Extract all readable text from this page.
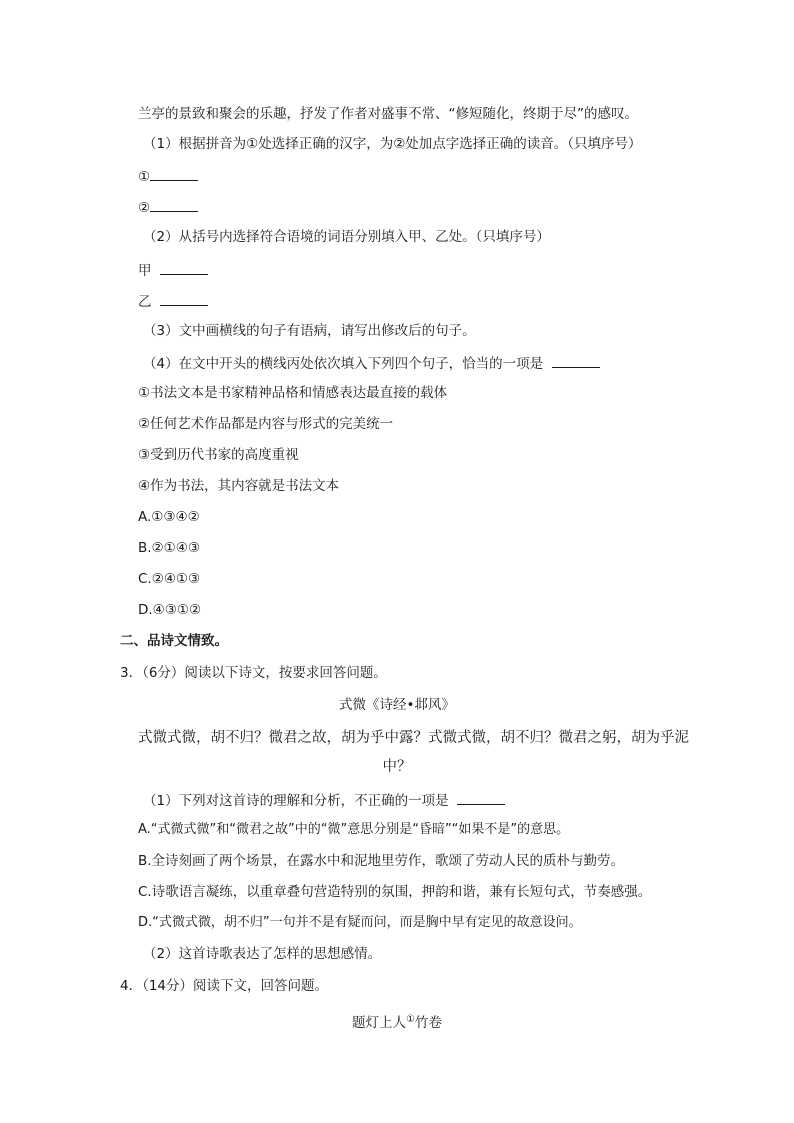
兰亭的景致和聚会的乐趣，抒发了作者对盛事不常、“修短随化，终期于尽”的感叹。
（1）根据拼音为①处选择正确的汉字，为②处加点字选择正确的读音。（只填序号）
①
②
（2）从括号内选择符合语境的词语分别填入甲、乙处。（只填序号）
甲
乙
（3）文中画横线的句子有语病，请写出修改后的句子。
（4）在文中开头的横线丙处依次填入下列四个句子，恰当的一项是
①书法文本是书家精神品格和情感表达最直接的载体
②任何艺术作品都是内容与形式的完美统一
③受到历代书家的高度重视
④作为书法，其内容就是书法文本
A.①③④②
B.②①④③
C.②④①③
D.④③①②
二、品诗文情致。
3．（6分）阅读以下诗文，按要求回答问题。
式微《诗经•邶风》
式微式微，胡不归？微君之故，胡为乎中露？式微式微，胡不归？微君之躬，胡为乎泥
中？
（1）下列对这首诗的理解和分析，不正确的一项是
A.“式微式微”和“微君之故”中的“微”意思分别是“昏暗”“如果不是”的意思。
B.全诗刻画了两个场景，在露水中和泥地里劳作，歌颂了劳动人民的质朴与勤劳。
C.诗歌语言凝练，以重章叠句营造特别的氛围，押韵和谐，兼有长短句式，节奏感强。
D.“式微式微，胡不归”一句并不是有疑而问，而是胸中早有定见的故意设问。
（2）这首诗歌表达了怎样的思想感情。
4．（14分）阅读下文，回答问题。
题灯上人①竹卷
